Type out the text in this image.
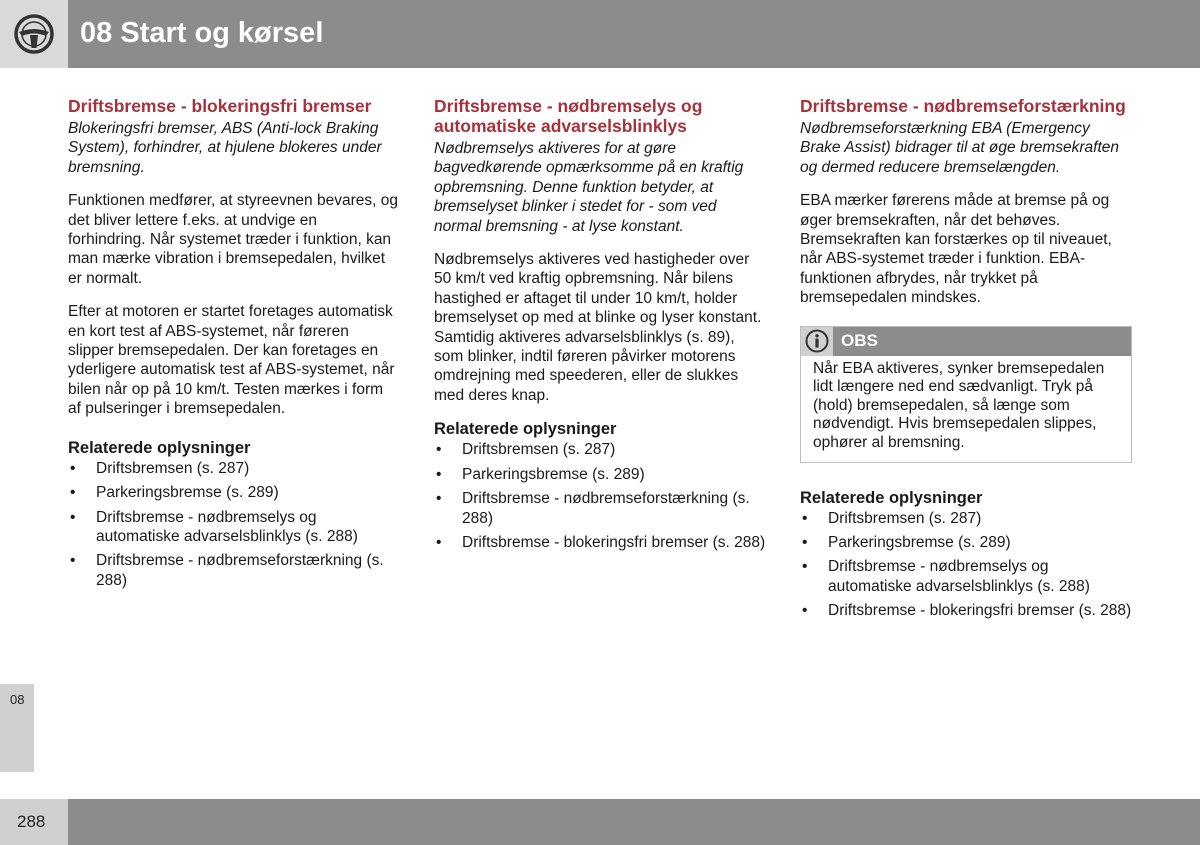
08 Start og kørsel
08
288
Driftsbremse - blokeringsfri bremser

Blokeringsfri bremser, ABS (Anti-lock Braking System), forhindrer, at hjulene blokeres under bremsning.

Funktionen medfører, at styreevnen bevares, og det bliver lettere f.eks. at undvige en forhindring. Når systemet træder i funktion, kan man mærke vibration i bremsepedalen, hvilket er normalt.

Efter at motoren er startet foretages automatisk en kort test af ABS-systemet, når føreren slipper bremsepedalen. Der kan foretages en yderligere automatisk test af ABS-systemet, når bilen når op på 10 km/t. Testen mærkes i form af pulseringer i bremsepedalen.

Relaterede oplysninger
• Driftsbremsen (s. 287)
• Parkeringsbremse (s. 289)
• Driftsbremse - nødbremselys og automatiske advarselsblinklys (s. 288)
• Driftsbremse - nødbremseforstærkning (s. 288)
Driftsbremse - nødbremselys og automatiske advarselsblinklys

Nødbremselys aktiveres for at gøre bagvedkørende opmærksomme på en kraftig opbremsning. Denne funktion betyder, at bremselyset blinker i stedet for - som ved normal bremsning - at lyse konstant.

Nødbremselys aktiveres ved hastigheder over 50 km/t ved kraftig opbremsning. Når bilens hastighed er aftaget til under 10 km/t, holder bremselyset op med at blinke og lyser konstant. Samtidig aktiveres advarselsblinklys (s. 89), som blinker, indtil føreren påvirker motorens omdrejning med speederen, eller de slukkes med deres knap.

Relaterede oplysninger
• Driftsbremsen (s. 287)
• Parkeringsbremse (s. 289)
• Driftsbremse - nødbremseforstærkning (s. 288)
• Driftsbremse - blokeringsfri bremser (s. 288)
Driftsbremse - nødbremseforstærkning

Nødbremseforstærkning EBA (Emergency Brake Assist) bidrager til at øge bremsekraften og dermed reducere bremselængden.

EBA mærker førerens måde at bremse på og øger bremsekraften, når det behøves. Bremsekraften kan forstærkes op til niveauet, når ABS-systemet træder i funktion. EBA- funktionen afbrydes, når trykket på bremsepedalen mindskes.

OBS

Når EBA aktiveres, synker bremsepedalen lidt længere ned end sædvanligt. Tryk på (hold) bremsepedalen, så længe som nødvendigt. Hvis bremsepedalen slippes, ophører al bremsning.

Relaterede oplysninger
• Driftsbremsen (s. 287)
• Parkeringsbremse (s. 289)
• Driftsbremse - nødbremselys og automatiske advarselsblinklys (s. 288)
• Driftsbremse - blokeringsfri bremser (s. 288)
